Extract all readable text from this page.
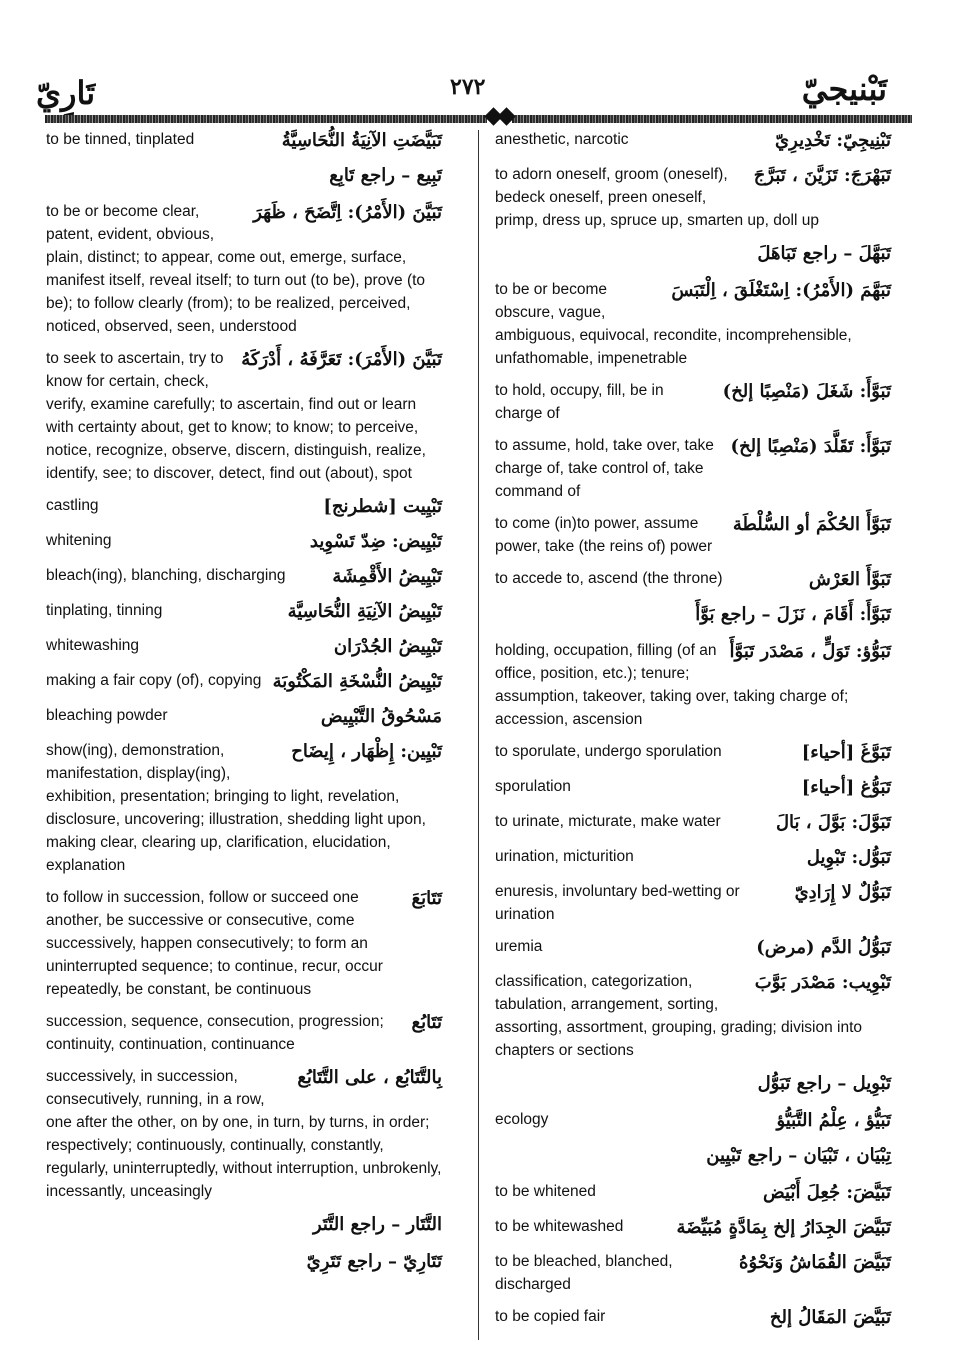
تَارِيّ	٢٧٢	تَبْنيجيّ
تَبَيَّضَتِ الآنِيَةُ النُّحَاسِيَّةُ
to be tinned, tinplated
تَبِيع – راجع تَابِع
تَبَيَّنَ (الأَمْرُ): اِتَّضَحَ ، ظَهَرَ
to be or become clear, patent, evident, obvious, plain, distinct; to appear, come out, emerge, surface, manifest itself, reveal itself; to turn out (to be), prove (to be); to follow clearly (from); to be realized, perceived, noticed, observed, seen, understood
تَبَيَّنَ (الأَمْرَ): تَعَرَّفَهُ ، أَدْرَكَهُ
to seek to ascertain, try to know for certain, check, verify, examine carefully; to ascertain, find out or learn with certainty about, get to know; to know; to perceive, notice, recognize, observe, discern, distinguish, realize, identify, see; to discover, detect, find out (about), spot
تَبْيِيت [شطرنج]
castling
تَبْيِيض: ضِدّ تَسْوِيد
whitening
تَبْيِيضُ الأَقْمِشَة
bleach(ing), blanching, discharging
تَبْيِيضُ الآنِيَةِ النُّحَاسِيَّة
tinplating, tinning
تَبْيِيضُ الجُدْرَان
whitewashing
تَبْيِيضُ النُّسْخَةِ المَكْتُوبَة
making a fair copy (of), copying
مَسْحُوقُ التَّبْيِيض
bleaching powder
تَبْيِين: إِظْهَار ، إِيضَاح
show(ing), demonstration, manifestation, display(ing), exhibition, presentation; bringing to light, revelation, disclosure, uncovering; illustration, shedding light upon, making clear, clearing up, clarification, elucidation, explanation
تَتَابَعَ
to follow in succession, follow or succeed one another, be successive or consecutive, come successively, happen consecutively; to form an uninterrupted sequence; to continue, recur, occur repeatedly, be constant, be continuous
تَتَابُع
succession, sequence, consecution, progression; continuity, continuation, continuance
بِالتَّتَابُع ، على التَّتَابُع
successively, in succession, consecutively, running, in a row, one after the other, on by one, in turn, by turns, in order; respectively; continuously, continually, constantly, regularly, uninterruptedly, without interruption, unbrokenly, incessantly, unceasingly
التَّتَار – راجع التَّتَر
تَتَارِيّ – راجع تَتَرِيّ
تَبْنِيجِيّ: تَخْدِيرِيّ
anesthetic, narcotic
تَبَهْرَجَ: تَزَيَّنَ ، تَبَرَّجَ
to adorn oneself, groom (oneself), bedeck oneself, preen oneself, primp, dress up, spruce up, smarten up, doll up
تَبَهَّلَ – راجع تَبَاهَلَ
تَبَهَّمَ (الأَمْرُ): اِسْتَغْلَقَ ، اِلْتَبَسَ
to be or become obscure, vague, ambiguous, equivocal, recondite, incomprehensible, unfathomable, impenetrable
تَبَوَّأَ: شَغَلَ (مَنْصِبًا إلخ)
to hold, occupy, fill, be in charge of
تَبَوَّأَ: تَقَلَّدَ (مَنْصِبًا إلخ)
to assume, hold, take over, take charge of, take control of, take command of
تَبَوَّأَ الحُكْمَ أو السُّلْطَة
to come (in)to power, assume power, take (the reins of) power
تَبَوَّأَ العَرْش
to accede to, ascend (the throne)
تَبَوَّأَ: أَقَامَ ، نَزَلَ – راجع بَوَّأَ
تَبَوُّؤ: تَوَلٍّ ، مَصْدَر تَبَوَّأَ
holding, occupation, filling (of an office, position, etc.); tenure; assumption, takeover, taking over, taking charge of; accession, ascension
تَبَوَّغَ [أحياء]
to sporulate, undergo sporulation
تَبَوُّغ [أحياء]
sporulation
تَبَوَّلَ: بَوَّلَ ، بَالَ
to urinate, micturate, make water
تَبَوُّل: تَبْوِيل
urination, micturition
تَبَوُّلٌ لا إِرَادِيّ
enuresis, involuntary bed-wetting or urination
تَبَوُّلُ الدَّم (مرض)
uremia
تَبْوِيب: مَصْدَر بَوَّبَ
classification, categorization, tabulation, arrangement, sorting, assorting, assortment, grouping, grading; division into chapters or sections
تَبْوِيل – راجع تَبَوُّل
تَبَيُّؤ ، عِلْمُ التَّبَيُّؤ
ecology
تِبْيَان ، تَبْيَان – راجع تَبْيِين
تَبَيَّضَ: جُعِلَ أَبْيَض
to be whitened
تَبَيَّضَ الجِدَارُ إلخ بِمَادَّةٍ مُبَيِّضَة
to be whitewashed
تَبَيَّضَ القُمَاشُ وَنَحْوُهُ
to be bleached, blanched, discharged
تَبَيَّضَ المَقَالُ إلخ
to be copied fair
